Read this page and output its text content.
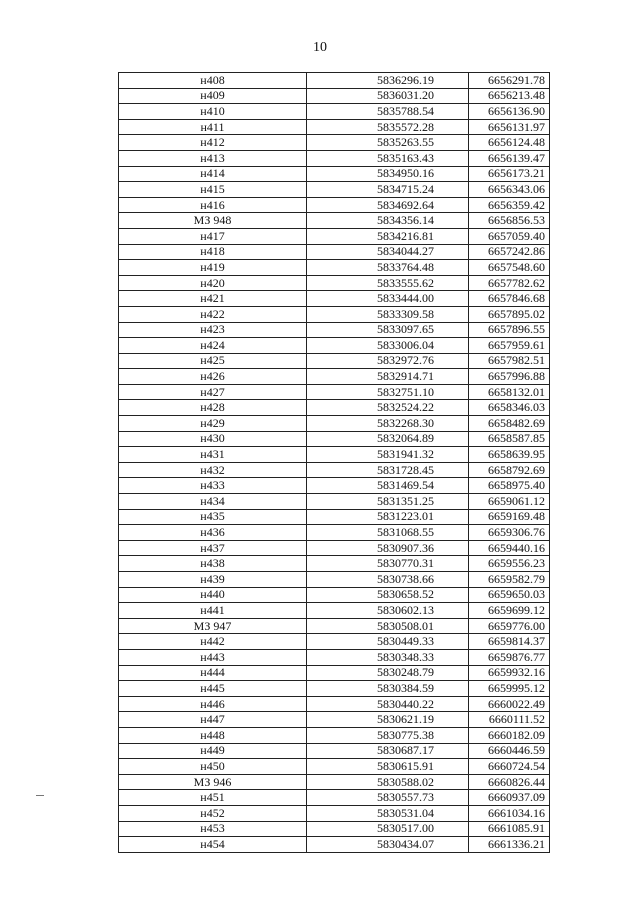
10
н408	5836296.19	6656291.78
н409	5836031.20	6656213.48
н410	5835788.54	6656136.90
н411	5835572.28	6656131.97
н412	5835263.55	6656124.48
н413	5835163.43	6656139.47
н414	5834950.16	6656173.21
н415	5834715.24	6656343.06
н416	5834692.64	6656359.42
МЗ 948	5834356.14	6656856.53
н417	5834216.81	6657059.40
н418	5834044.27	6657242.86
н419	5833764.48	6657548.60
н420	5833555.62	6657782.62
н421	5833444.00	6657846.68
н422	5833309.58	6657895.02
н423	5833097.65	6657896.55
н424	5833006.04	6657959.61
н425	5832972.76	6657982.51
н426	5832914.71	6657996.88
н427	5832751.10	6658132.01
н428	5832524.22	6658346.03
н429	5832268.30	6658482.69
н430	5832064.89	6658587.85
н431	5831941.32	6658639.95
н432	5831728.45	6658792.69
н433	5831469.54	6658975.40
н434	5831351.25	6659061.12
н435	5831223.01	6659169.48
н436	5831068.55	6659306.76
н437	5830907.36	6659440.16
н438	5830770.31	6659556.23
н439	5830738.66	6659582.79
н440	5830658.52	6659650.03
н441	5830602.13	6659699.12
МЗ 947	5830508.01	6659776.00
н442	5830449.33	6659814.37
н443	5830348.33	6659876.77
н444	5830248.79	6659932.16
н445	5830384.59	6659995.12
н446	5830440.22	6660022.49
н447	5830621.19	6660111.52
н448	5830775.38	6660182.09
н449	5830687.17	6660446.59
н450	5830615.91	6660724.54
МЗ 946	5830588.02	6660826.44
н451	5830557.73	6660937.09
н452	5830531.04	6661034.16
н453	5830517.00	6661085.91
н454	5830434.07	6661336.21
